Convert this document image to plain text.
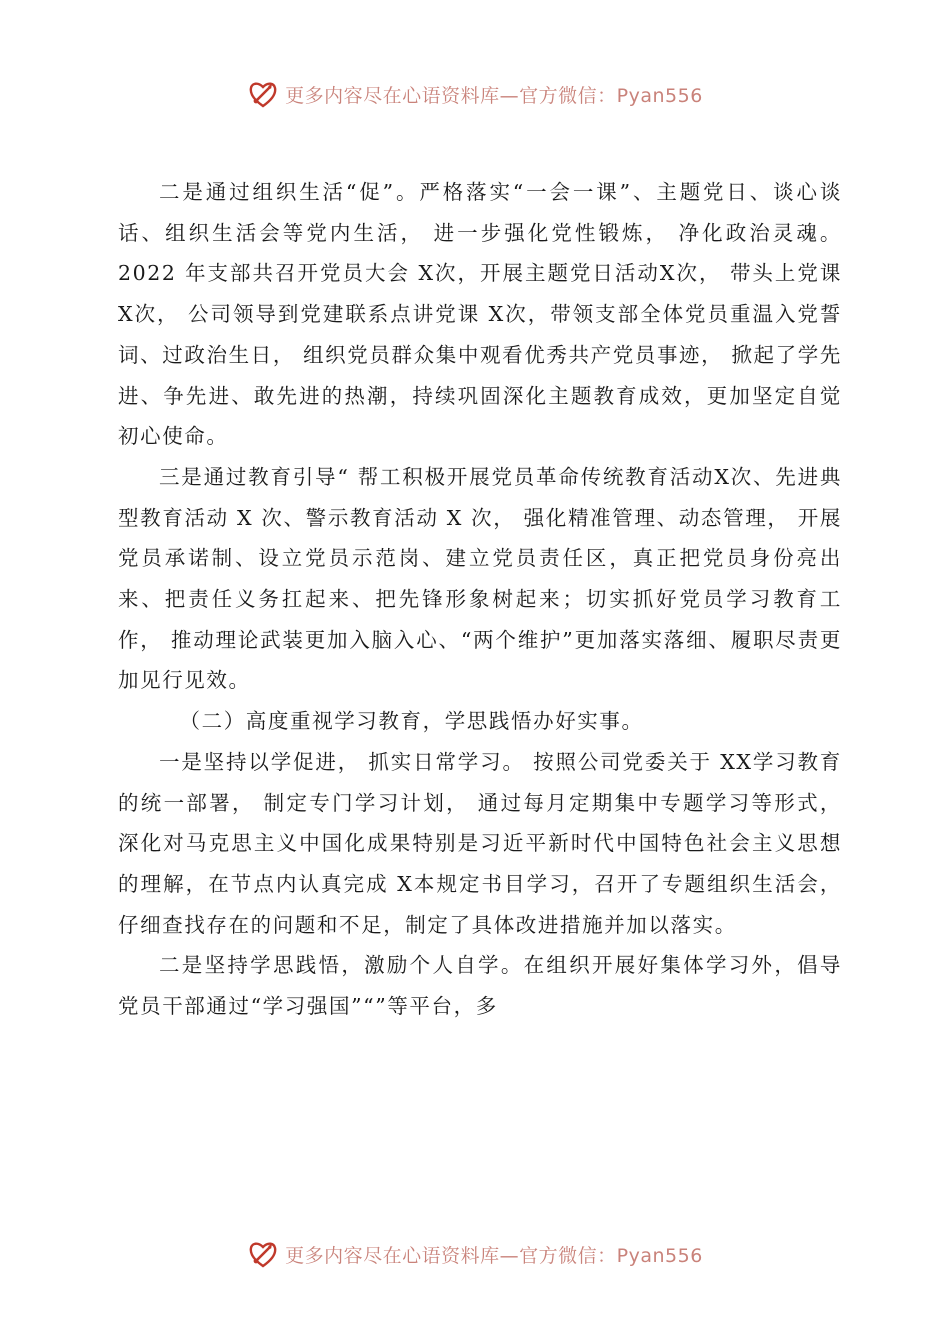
更多内容尽在心语资料库—官方微信：Pyan556

二是通过组织生活“促”。严格落实“一会一课”、主题党日、谈心谈话、组织生活会等党内生活， 进一步强化党性锻炼， 净化政治灵魂。2022 年支部共召开党员大会 X次，开展主题党日活动X次， 带头上党课 X次， 公司领导到党建联系点讲党课 X次，带领支部全体党员重温入党誓词、过政治生日， 组织党员群众集中观看优秀共产党员事迹， 掀起了学先进、争先进、敢先进的热潮，持续巩固深化主题教育成效，更加坚定自觉初心使命。

三是通过教育引导“ 帮工积极开展党员革命传统教育活动X次、先进典型教育活动 X 次、警示教育活动 X 次， 强化精准管理、动态管理， 开展党员承诺制、设立党员示范岗、建立党员责任区，真正把党员身份亮出来、把责任义务扛起来、把先锋形象树起来；切实抓好党员学习教育工作， 推动理论武装更加入脑入心、“两个维护”更加落实落细、履职尽责更加见行见效。

（二）高度重视学习教育，学思践悟办好实事。

一是坚持以学促进， 抓实日常学习。 按照公司党委关于 XX学习教育的统一部署， 制定专门学习计划， 通过每月定期集中专题学习等形式， 深化对马克思主义中国化成果特别是习近平新时代中国特色社会主义思想的理解，在节点内认真完成 X本规定书目学习，召开了专题组织生活会，仔细查找存在的问题和不足，制定了具体改进措施并加以落实。

二是坚持学思践悟，激励个人自学。在组织开展好集体学习外，倡导党员干部通过“学习强国”“”等平台，多

更多内容尽在心语资料库—官方微信：Pyan556
